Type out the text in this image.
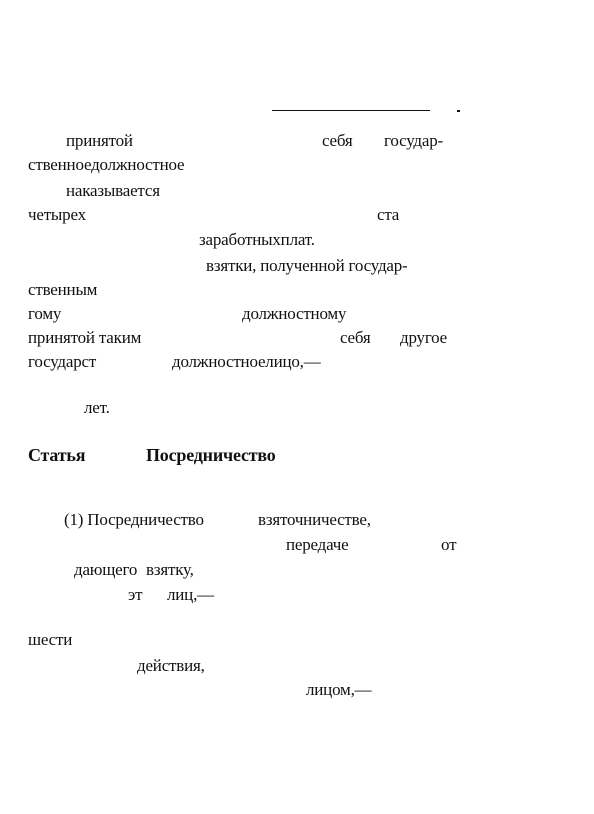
принятой	себя государ-
ственноедолжностное
наказывается
четырех	ста
заработныхплат.
взятки, полученной государ-
ственным
гому	должностному
принятой таким	себя другое
государст	должностноелицо,—
лет.
Статья	Посредничество
(1) Посредничество	взяточничестве,
передаче	от
дающего взятку,
эт лиц,—
шести
действия,
лицом,—
